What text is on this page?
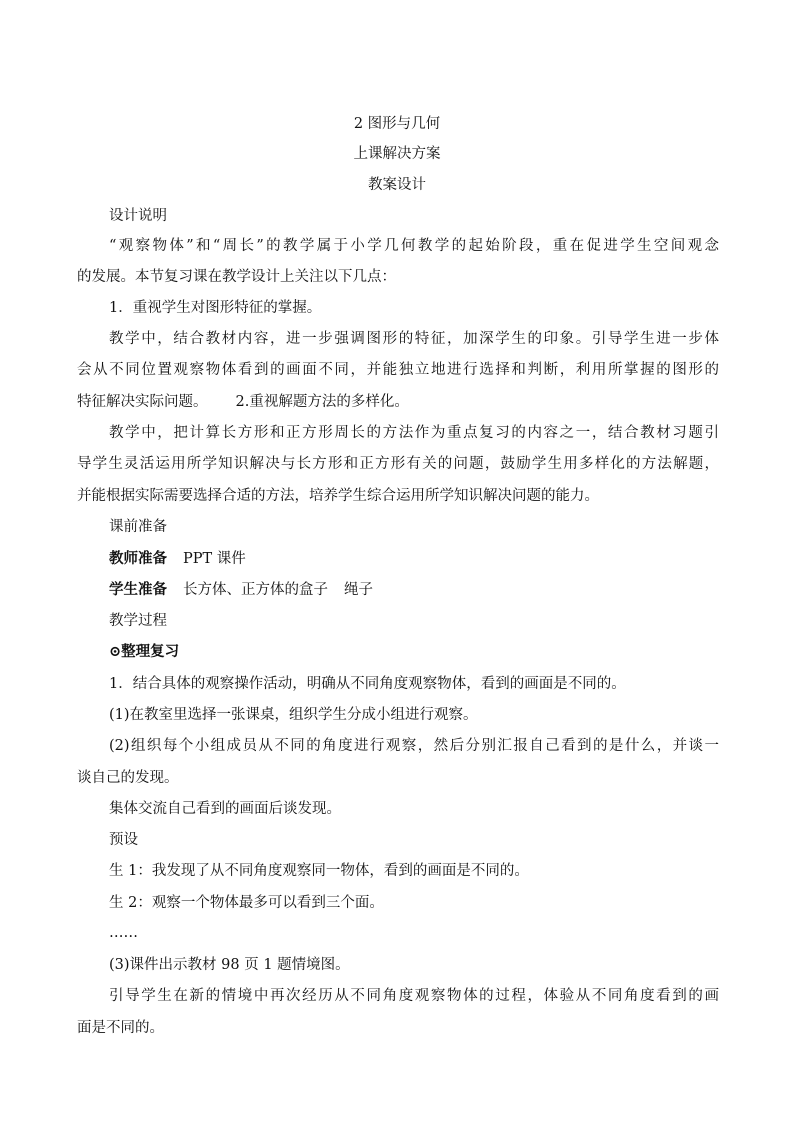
2 图形与几何
上课解决方案
教案设计
设计说明
“观察物体”和“周长”的教学属于小学几何教学的起始阶段，重在促进学生空间观念
的发展。本节复习课在教学设计上关注以下几点：
1．重视学生对图形特征的掌握。
教学中，结合教材内容，进一步强调图形的特征，加深学生的印象。引导学生进一步体
会从不同位置观察物体看到的画面不同，并能独立地进行选择和判断，利用所掌握的图形的
特征解决实际问题。 2.重视解题方法的多样化。
教学中，把计算长方形和正方形周长的方法作为重点复习的内容之一，结合教材习题引
导学生灵活运用所学知识解决与长方形和正方形有关的问题，鼓励学生用多样化的方法解题，
并能根据实际需要选择合适的方法，培养学生综合运用所学知识解决问题的能力。
课前准备
教师准备 PPT 课件
学生准备 长方体、正方体的盒子 绳子
教学过程
⊙整理复习
1．结合具体的观察操作活动，明确从不同角度观察物体，看到的画面是不同的。
(1)在教室里选择一张课桌，组织学生分成小组进行观察。
(2)组织每个小组成员从不同的角度进行观察，然后分别汇报自己看到的是什么，并谈一
谈自己的发现。
集体交流自己看到的画面后谈发现。
预设
生 1：我发现了从不同角度观察同一物体，看到的画面是不同的。
生 2：观察一个物体最多可以看到三个面。
……
(3)课件出示教材 98 页 1 题情境图。
引导学生在新的情境中再次经历从不同角度观察物体的过程，体验从不同角度看到的画
面是不同的。
